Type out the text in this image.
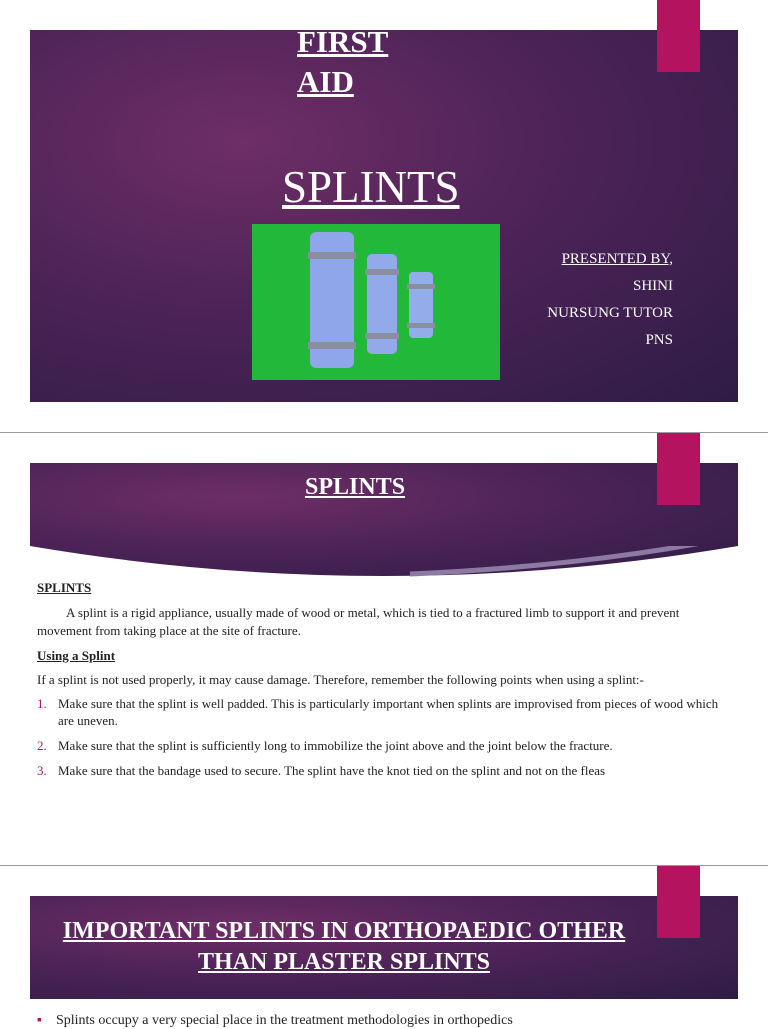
FIRST AID
SPLINTS
PRESENTED BY,
SHINI
NURSUNG TUTOR
PNS
SPLINTS

SPLINTS

A splint is a rigid appliance, usually made of wood or metal, which is tied to a fractured limb to support it and prevent movement from taking place at the site of fracture.

Using a Splint

If a splint is not used properly, it may cause damage. Therefore, remember the following points when using a splint:-

1. Make sure that the splint is well padded. This is particularly important when splints are improvised from pieces of wood which are uneven.
2. Make sure that the splint is sufficiently long to immobilize the joint above and the joint below the fracture.
3. Make sure that the bandage used to secure. The splint have the knot tied on the splint and not on the fleas
IMPORTANT SPLINTS IN ORTHOPAEDIC OTHER THAN PLASTER SPLINTS
▪ Splints occupy a very special place in the treatment methodologies in orthopedics
